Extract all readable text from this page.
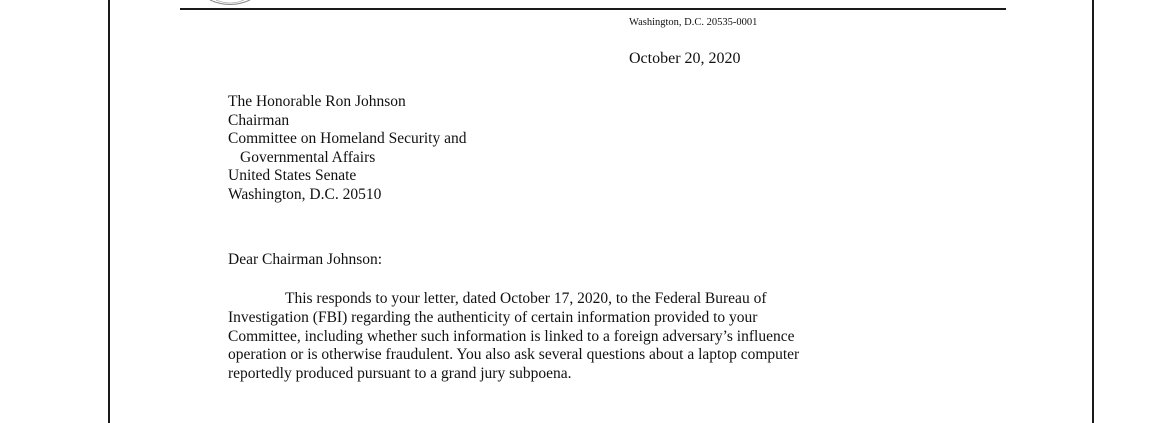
Washington, D.C. 20535-0001
October 20, 2020
The Honorable Ron Johnson
Chairman
Committee on Homeland Security and
Governmental Affairs
United States Senate
Washington, D.C. 20510
Dear Chairman Johnson:
This responds to your letter, dated October 17, 2020, to the Federal Bureau of
Investigation (FBI) regarding the authenticity of certain information provided to your
Committee, including whether such information is linked to a foreign adversary’s influence
operation or is otherwise fraudulent. You also ask several questions about a laptop computer
reportedly produced pursuant to a grand jury subpoena.
